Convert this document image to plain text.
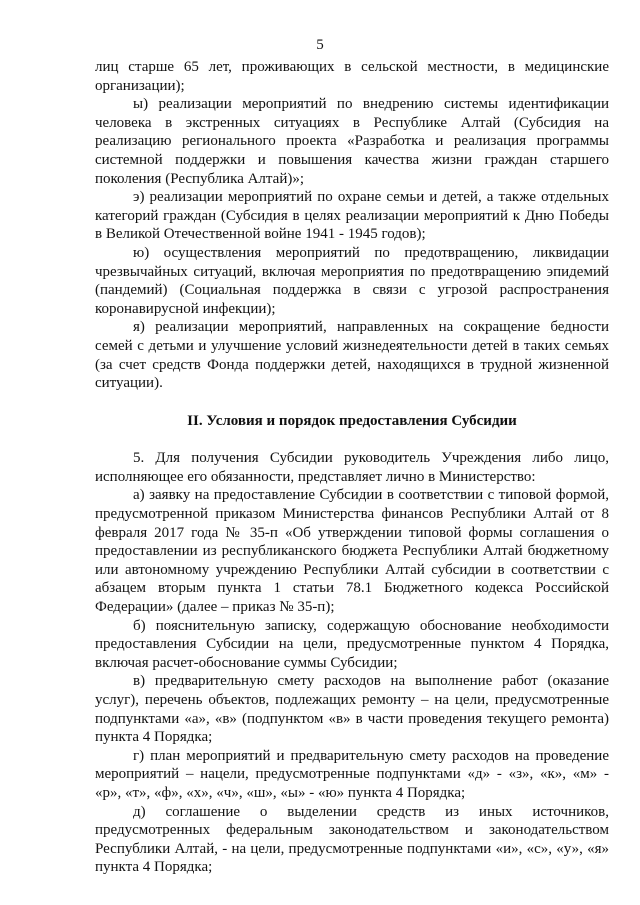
5

лиц старше 65 лет, проживающих в сельской местности, в медицинские организации);

ы) реализации мероприятий по внедрению системы идентификации человека в экстренных ситуациях в Республике Алтай (Субсидия на реализацию регионального проекта «Разработка и реализация программы системной поддержки и повышения качества жизни граждан старшего поколения (Республика Алтай)»;

э) реализации мероприятий по охране семьи и детей, а также отдельных категорий граждан (Субсидия в целях реализации мероприятий к Дню Победы в Великой Отечественной войне 1941 - 1945 годов);

ю) осуществления мероприятий по предотвращению, ликвидации чрезвычайных ситуаций, включая мероприятия по предотвращению эпидемий (пандемий) (Социальная поддержка в связи с угрозой распространения коронавирусной инфекции);

я) реализации мероприятий, направленных на сокращение бедности семей с детьми и улучшение условий жизнедеятельности детей в таких семьях (за счет средств Фонда поддержки детей, находящихся в трудной жизненной ситуации).

II. Условия и порядок предоставления Субсидии

5. Для получения Субсидии руководитель Учреждения либо лицо, исполняющее его обязанности, представляет лично в Министерство:

а) заявку на предоставление Субсидии в соответствии с типовой формой, предусмотренной приказом Министерства финансов Республики Алтай от 8 февраля 2017 года № 35-п «Об утверждении типовой формы соглашения о предоставлении из республиканского бюджета Республики Алтай бюджетному или автономному учреждению Республики Алтай субсидии в соответствии с абзацем вторым пункта 1 статьи 78.1 Бюджетного кодекса Российской Федерации» (далее – приказ № 35-п);

б) пояснительную записку, содержащую обоснование необходимости предоставления Субсидии на цели, предусмотренные пунктом 4 Порядка, включая расчет-обоснование суммы Субсидии;

в) предварительную смету расходов на выполнение работ (оказание услуг), перечень объектов, подлежащих ремонту – на цели, предусмотренные подпунктами «а», «в» (подпунктом «в» в части проведения текущего ремонта) пункта 4 Порядка;

г) план мероприятий и предварительную смету расходов на проведение мероприятий – нацели, предусмотренные подпунктами «д» - «з», «к», «м» - «р», «т», «ф», «х», «ч», «ш», «ы» - «ю» пункта 4 Порядка;

д) соглашение о выделении средств из иных источников, предусмотренных федеральным законодательством и законодательством Республики Алтай, - на цели, предусмотренные подпунктами «и», «с», «у», «я» пункта 4 Порядка;
